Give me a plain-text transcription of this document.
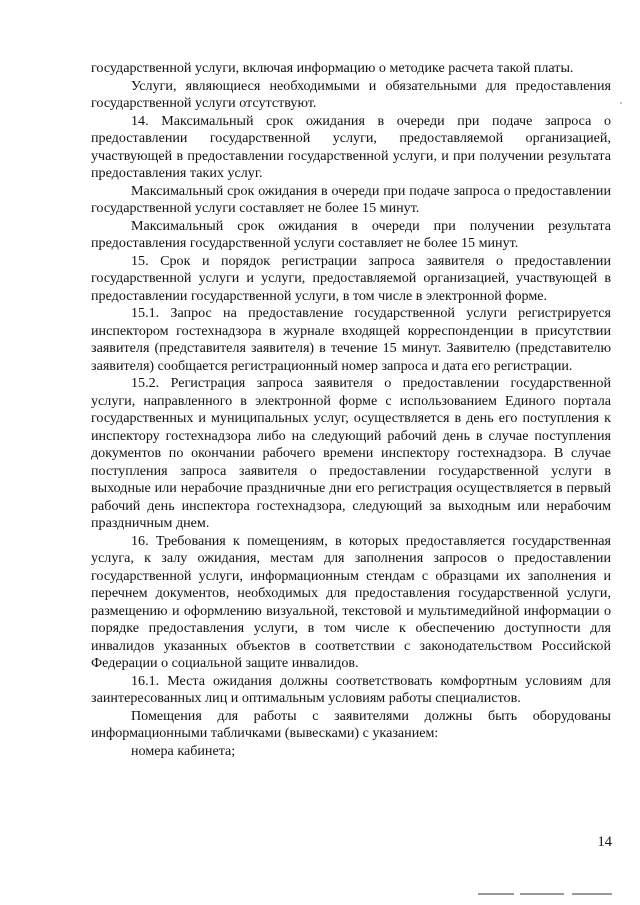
государственной услуги, включая информацию о методике расчета такой платы.

Услуги, являющиеся необходимыми и обязательными для предоставления государственной услуги отсутствуют.

14. Максимальный срок ожидания в очереди при подаче запроса о предоставлении государственной услуги, предоставляемой организацией, участвующей в предоставлении государственной услуги, и при получении результата предоставления таких услуг.

Максимальный срок ожидания в очереди при подаче запроса о предоставлении государственной услуги составляет не более 15 минут.

Максимальный срок ожидания в очереди при получении результата предоставления государственной услуги составляет не более 15 минут.

15. Срок и порядок регистрации запроса заявителя о предоставлении государственной услуги и услуги, предоставляемой организацией, участвующей в предоставлении государственной услуги, в том числе в электронной форме.

15.1. Запрос на предоставление государственной услуги регистрируется инспектором гостехнадзора в журнале входящей корреспонденции в присутствии заявителя (представителя заявителя) в течение 15 минут. Заявителю (представителю заявителя) сообщается регистрационный номер запроса и дата его регистрации.

15.2. Регистрация запроса заявителя о предоставлении государственной услуги, направленного в электронной форме с использованием Единого портала государственных и муниципальных услуг, осуществляется в день его поступления к инспектору гостехнадзора либо на следующий рабочий день в случае поступления документов по окончании рабочего времени инспектору гостехнадзора. В случае поступления запроса заявителя о предоставлении государственной услуги в выходные или нерабочие праздничные дни его регистрация осуществляется в первый рабочий день инспектора гостехнадзора, следующий за выходным или нерабочим праздничным днем.

16. Требования к помещениям, в которых предоставляется государственная услуга, к залу ожидания, местам для заполнения запросов о предоставлении государственной услуги, информационным стендам с образцами их заполнения и перечнем документов, необходимых для предоставления государственной услуги, размещению и оформлению визуальной, текстовой и мультимедийной информации о порядке предоставления услуги, в том числе к обеспечению доступности для инвалидов указанных объектов в соответствии с законодательством Российской Федерации о социальной защите инвалидов.

16.1. Места ожидания должны соответствовать комфортным условиям для заинтересованных лиц и оптимальным условиям работы специалистов.

Помещения для работы с заявителями должны быть оборудованы информационными табличками (вывесками) с указанием:

номера кабинета;

14
